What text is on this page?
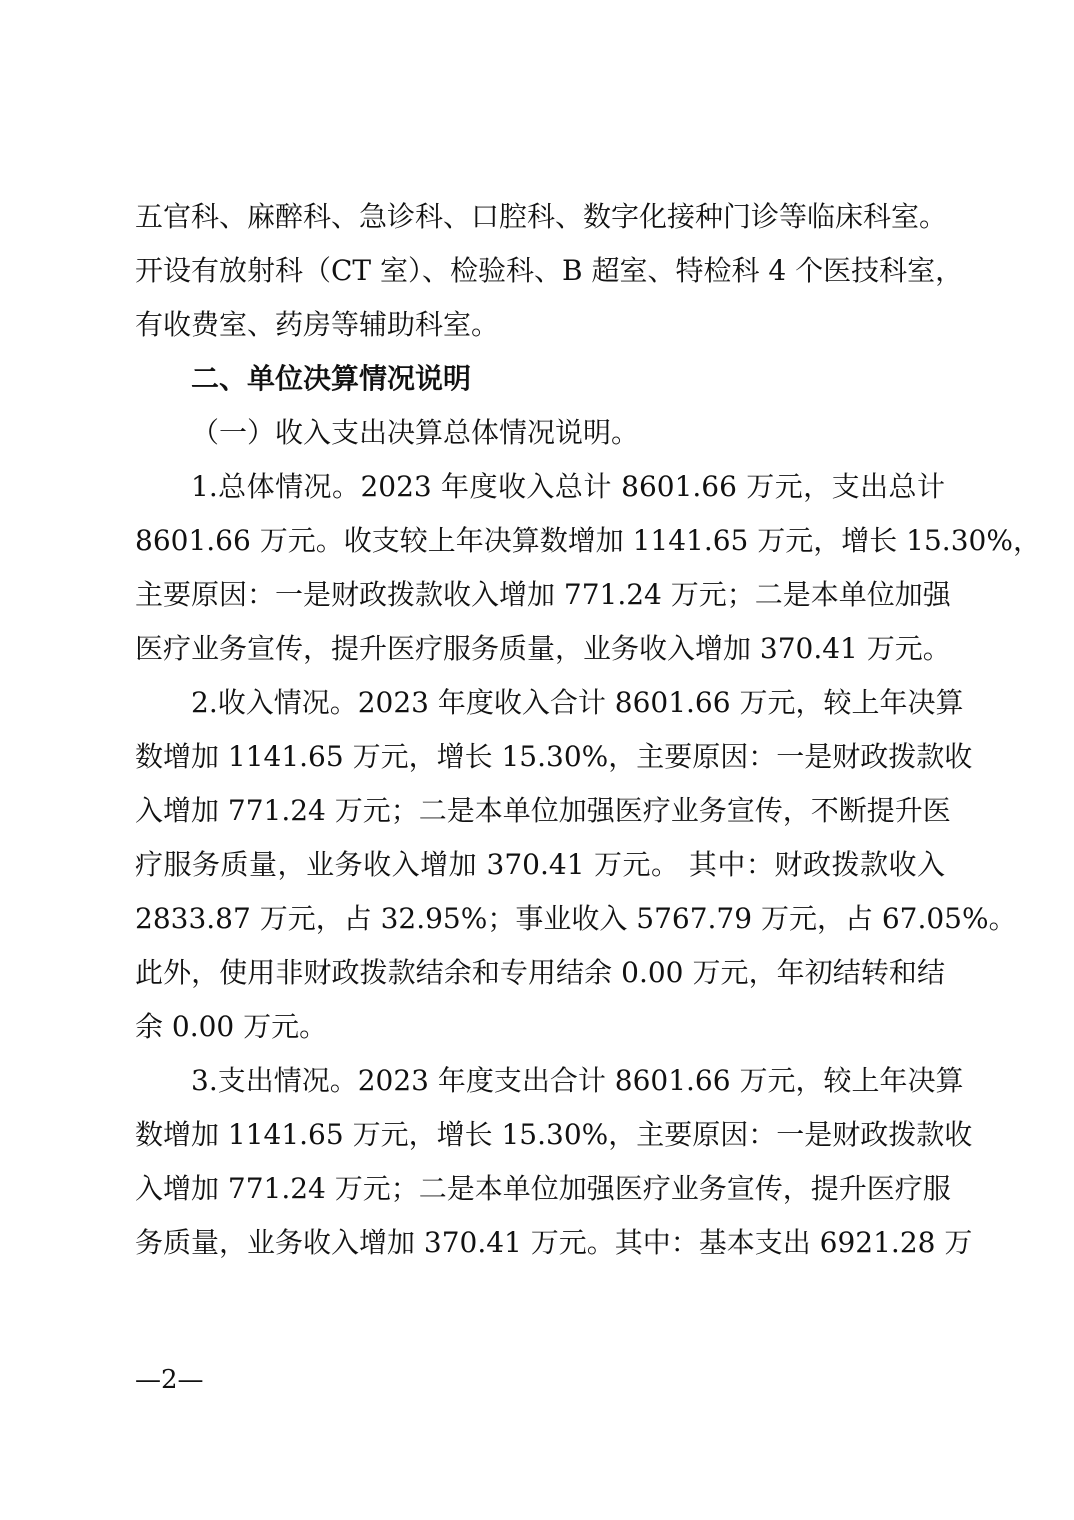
五官科、麻醉科、急诊科、口腔科、数字化接种门诊等临床科室。
开设有放射科（CT 室）、检验科、B 超室、特检科 4 个医技科室，
有收费室、药房等辅助科室。
二、单位决算情况说明
（一）收入支出决算总体情况说明。
1.总体情况。2023 年度收入总计 8601.66 万元，支出总计
8601.66 万元。收支较上年决算数增加 1141.65 万元，增长 15.30%，
主要原因：一是财政拨款收入增加 771.24 万元；二是本单位加强
医疗业务宣传，提升医疗服务质量，业务收入增加 370.41 万元。
2.收入情况。2023 年度收入合计 8601.66 万元，较上年决算
数增加 1141.65 万元，增长 15.30%，主要原因：一是财政拨款收
入增加 771.24 万元；二是本单位加强医疗业务宣传，不断提升医
疗服务质量，业务收入增加 370.41 万元。 其中：财政拨款收入
2833.87 万元，占 32.95%；事业收入 5767.79 万元，占 67.05%。
此外，使用非财政拨款结余和专用结余 0.00 万元，年初结转和结
余 0.00 万元。
3.支出情况。2023 年度支出合计 8601.66 万元，较上年决算
数增加 1141.65 万元，增长 15.30%，主要原因：一是财政拨款收
入增加 771.24 万元；二是本单位加强医疗业务宣传，提升医疗服
务质量，业务收入增加 370.41 万元。其中：基本支出 6921.28 万
—2—
